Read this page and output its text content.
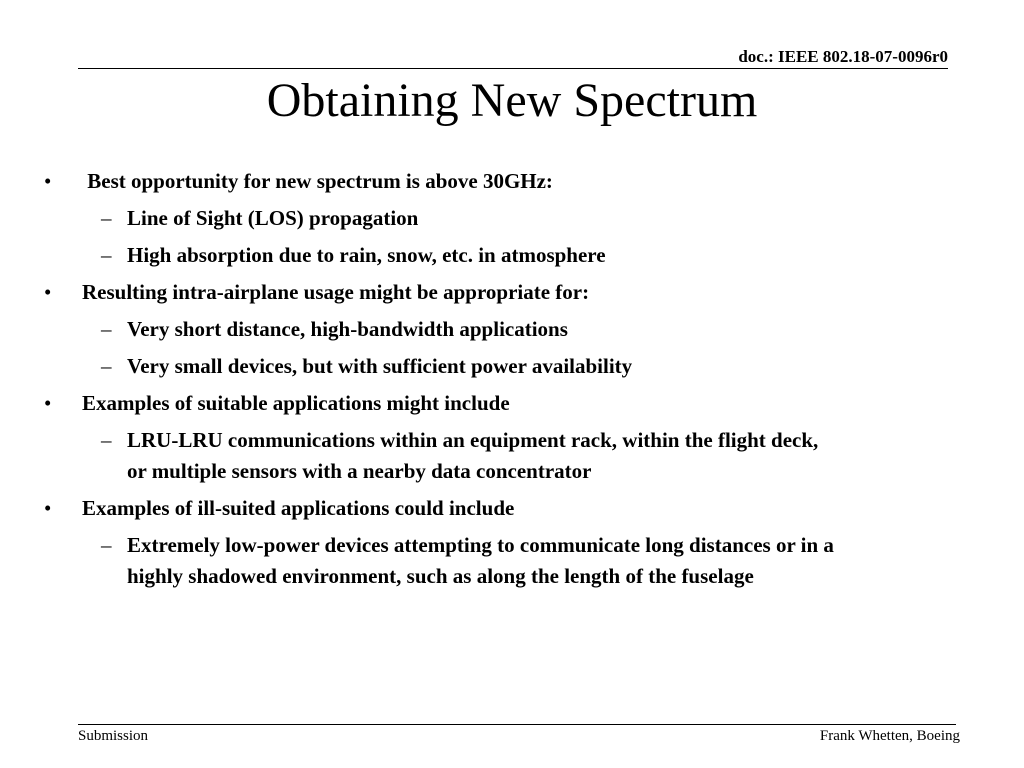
doc.: IEEE 802.18-07-0096r0
Obtaining New Spectrum
• Best opportunity for new spectrum is above 30GHz:
– Line of Sight (LOS) propagation
– High absorption due to rain, snow, etc. in atmosphere
• Resulting intra-airplane usage might be appropriate for:
– Very short distance, high-bandwidth applications
– Very small devices, but with sufficient power availability
• Examples of suitable applications might include
– LRU-LRU communications within an equipment rack, within the flight deck,
or multiple sensors with a nearby data concentrator
• Examples of ill-suited applications could include
– Extremely low-power devices attempting to communicate long distances or in a
highly shadowed environment, such as along the length of the fuselage
Submission	Frank Whetten, Boeing
